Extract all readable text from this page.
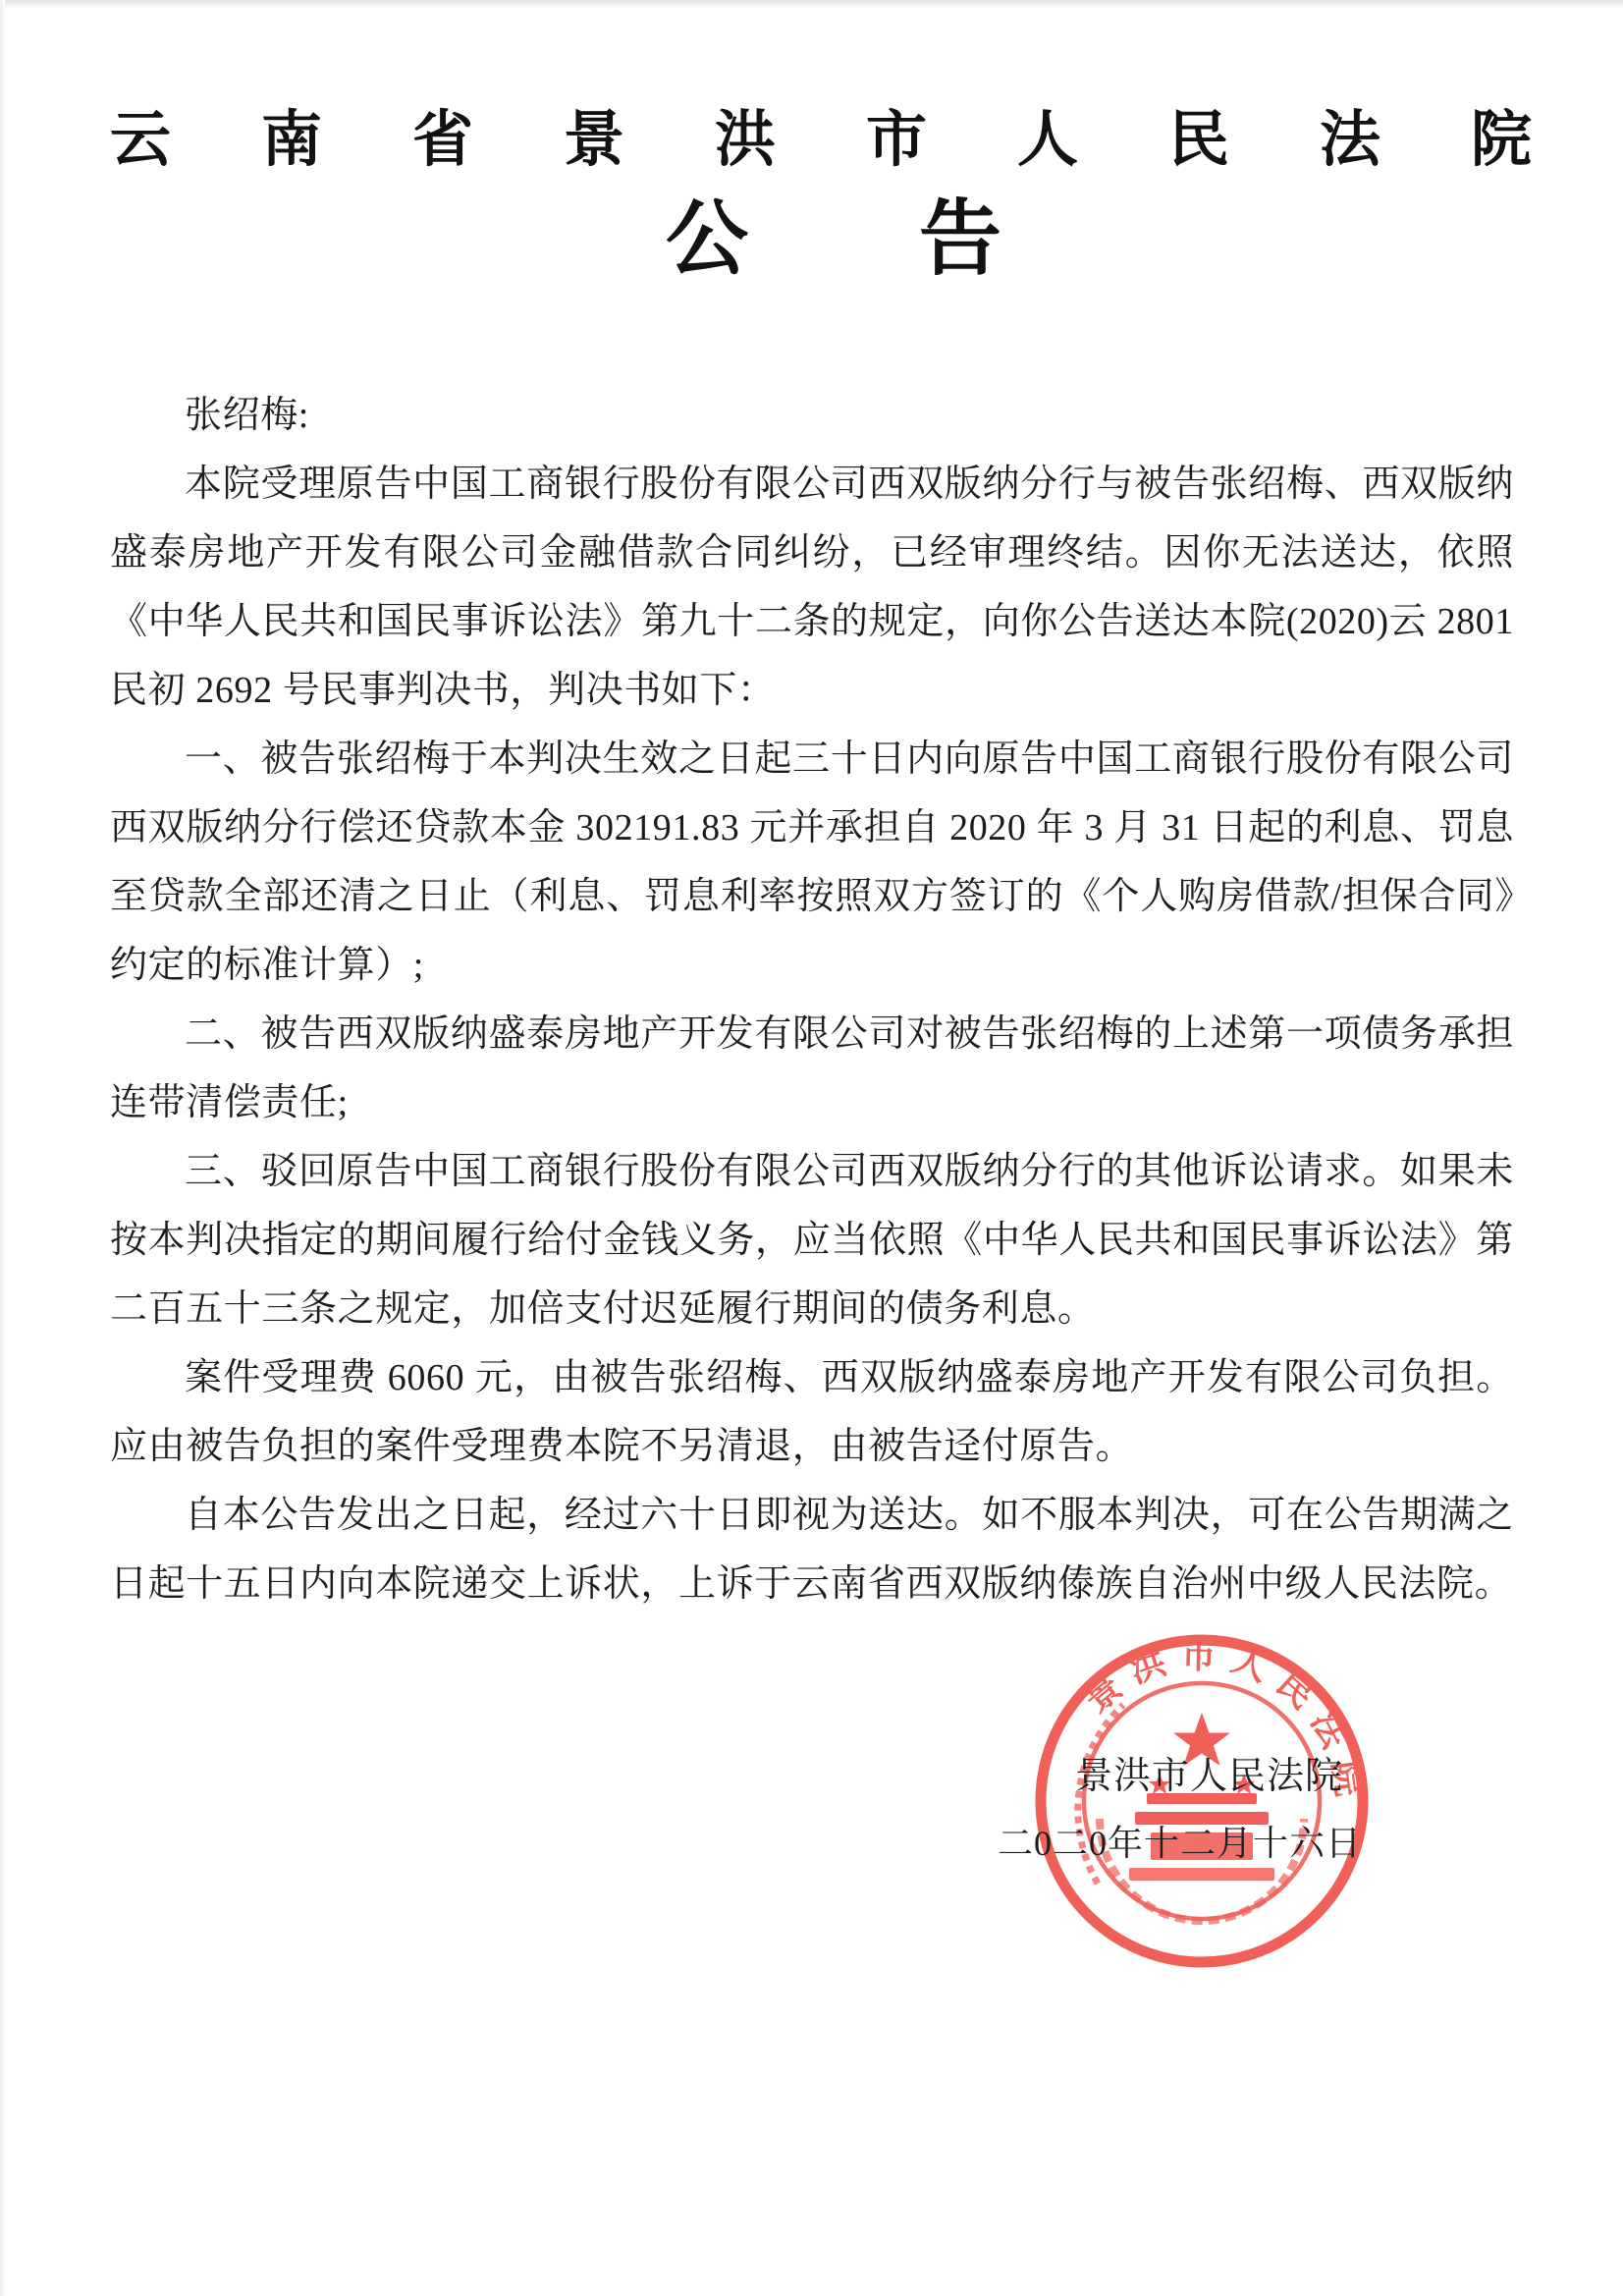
云南省景洪市人民法院
公　　告

张绍梅:

本院受理原告中国工商银行股份有限公司西双版纳分行与被告张绍梅、西双版纳盛泰房地产开发有限公司金融借款合同纠纷，已经审理终结。因你无法送达，依照《中华人民共和国民事诉讼法》第九十二条的规定，向你公告送达本院(2020)云 2801 民初 2692 号民事判决书，判决书如下：

一、被告张绍梅于本判决生效之日起三十日内向原告中国工商银行股份有限公司西双版纳分行偿还贷款本金 302191.83 元并承担自 2020 年 3 月 31 日起的利息、罚息至贷款全部还清之日止（利息、罚息利率按照双方签订的《个人购房借款/担保合同》约定的标准计算）;

二、被告西双版纳盛泰房地产开发有限公司对被告张绍梅的上述第一项债务承担连带清偿责任;

三、驳回原告中国工商银行股份有限公司西双版纳分行的其他诉讼请求。如果未按本判决指定的期间履行给付金钱义务，应当依照《中华人民共和国民事诉讼法》第二百五十三条之规定，加倍支付迟延履行期间的债务利息。

案件受理费 6060 元，由被告张绍梅、西双版纳盛泰房地产开发有限公司负担。应由被告负担的案件受理费本院不另清退，由被告迳付原告。

自本公告发出之日起，经过六十日即视为送达。如不服本判决，可在公告期满之日起十五日内向本院递交上诉状，上诉于云南省西双版纳傣族自治州中级人民法院。

景洪市人民法院
景洪市人民法院
二0二0年十二月十六日
